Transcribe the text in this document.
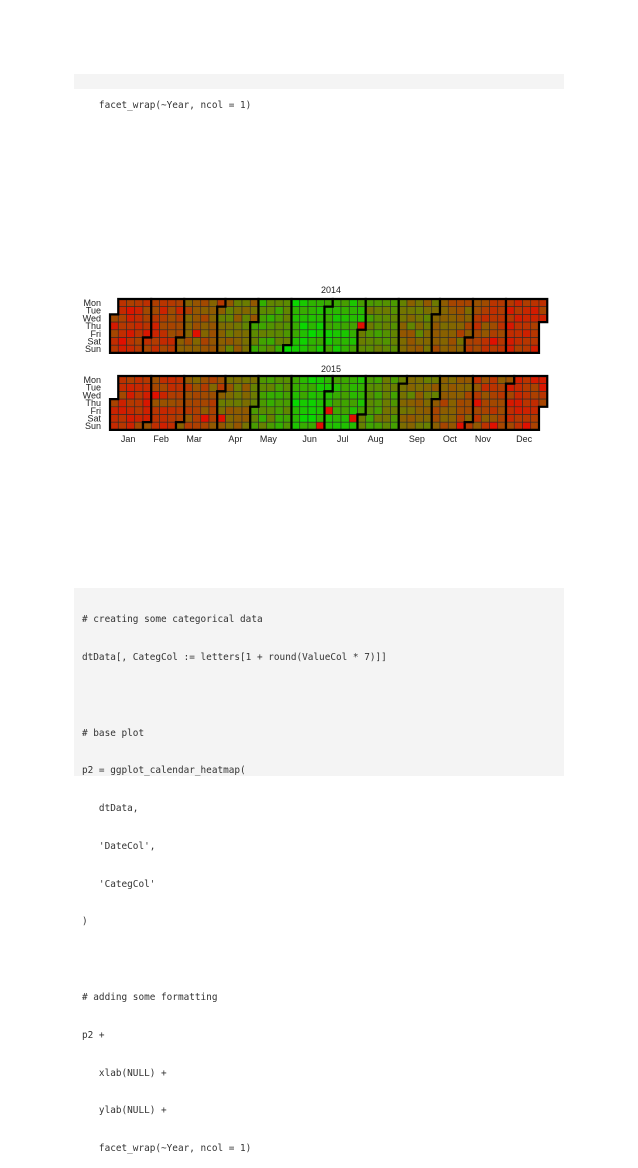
facet_wrap(~Year, ncol = 1)

2014
Mon
Tue
Wed
Thu
Fri
Sat
Sun
2015
Mon
Tue
Wed
Thu
Fri
Sat
Sun
Jan Feb Mar	Apr May	Jun Jul Aug	Sep Oct Nov	Dec

# creating some categorical data

dtData[, CategCol := letters[1 + round(ValueCol * 7)]]

# base plot

p2 = ggplot_calendar_heatmap(

dtData,

'DateCol',

'CategCol'

)

# adding some formatting

p2 +

xlab(NULL) +

ylab(NULL) +

facet_wrap(~Year, ncol = 1)
